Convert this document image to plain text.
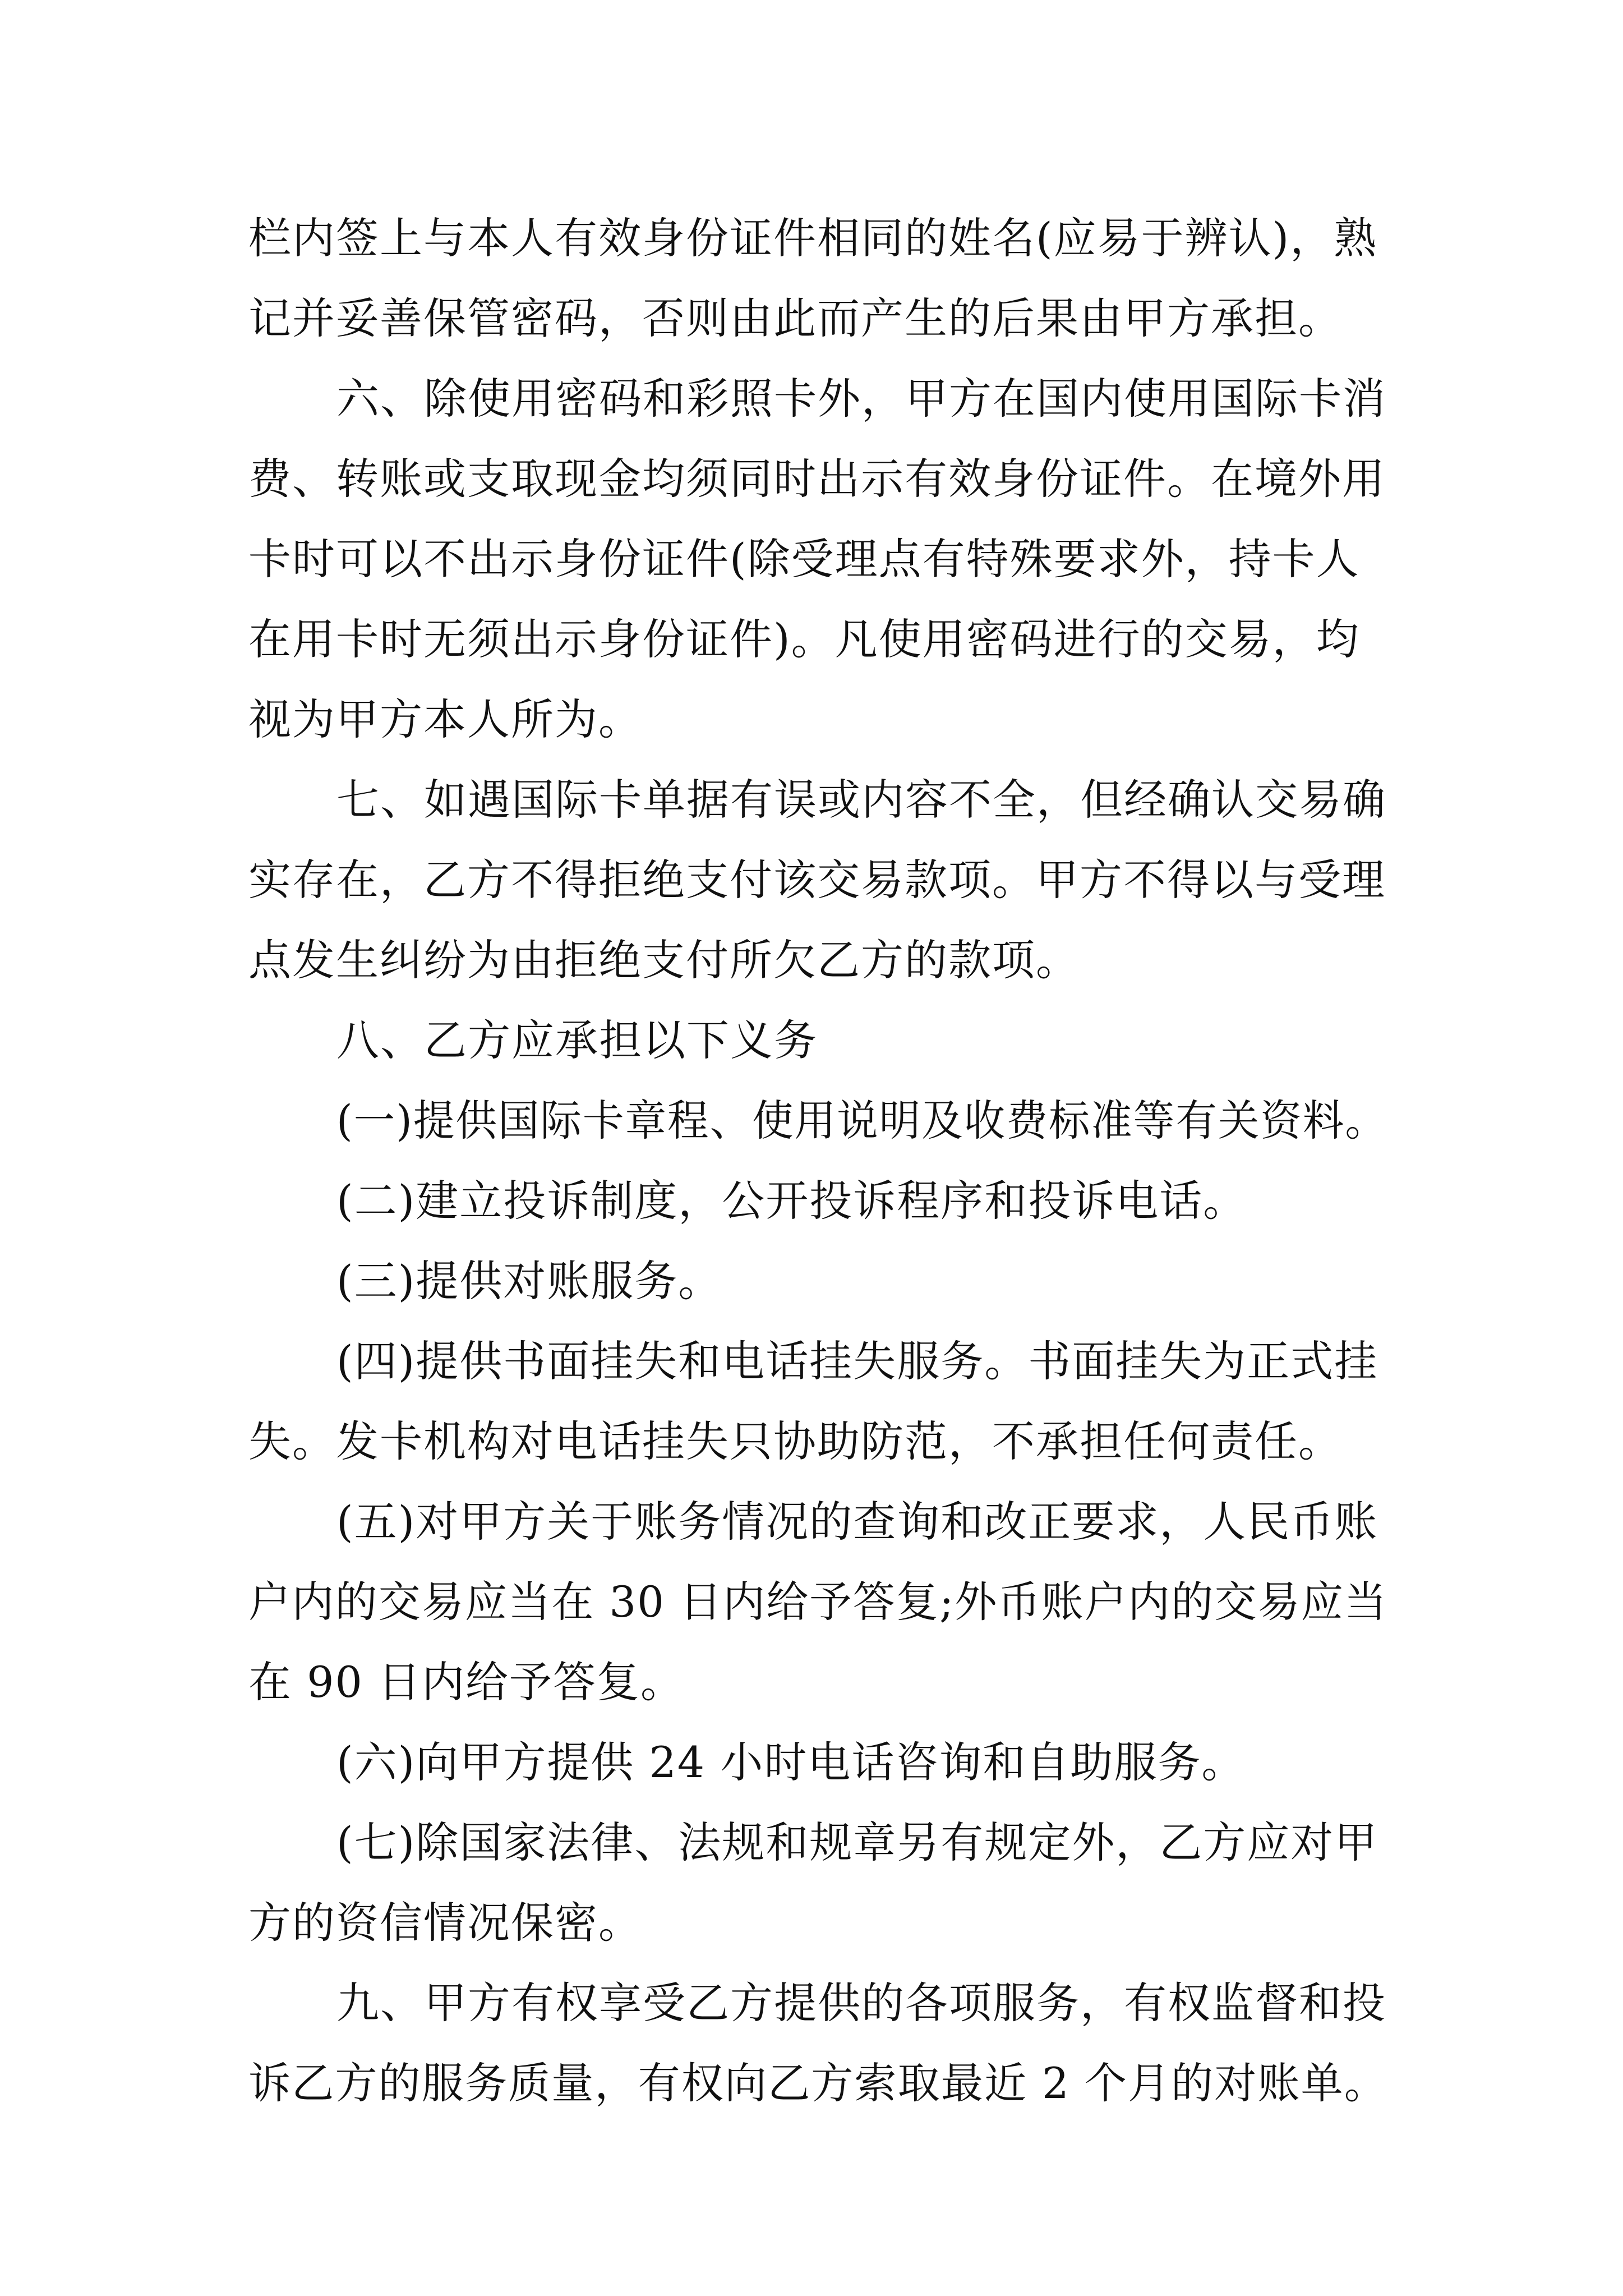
栏内签上与本人有效身份证件相同的姓名(应易于辨认)，熟
记并妥善保管密码，否则由此而产生的后果由甲方承担。
六、除使用密码和彩照卡外，甲方在国内使用国际卡消
费、转账或支取现金均须同时出示有效身份证件。在境外用
卡时可以不出示身份证件(除受理点有特殊要求外，持卡人
在用卡时无须出示身份证件)。凡使用密码进行的交易，均
视为甲方本人所为。
七、如遇国际卡单据有误或内容不全，但经确认交易确
实存在，乙方不得拒绝支付该交易款项。甲方不得以与受理
点发生纠纷为由拒绝支付所欠乙方的款项。
八、乙方应承担以下义务
(一)提供国际卡章程、使用说明及收费标准等有关资料。
(二)建立投诉制度，公开投诉程序和投诉电话。
(三)提供对账服务。
(四)提供书面挂失和电话挂失服务。书面挂失为正式挂
失。发卡机构对电话挂失只协助防范，不承担任何责任。
(五)对甲方关于账务情况的查询和改正要求，人民币账
户内的交易应当在 30 日内给予答复;外币账户内的交易应当
在 90 日内给予答复。
(六)向甲方提供 24 小时电话咨询和自助服务。
(七)除国家法律、法规和规章另有规定外，乙方应对甲
方的资信情况保密。
九、甲方有权享受乙方提供的各项服务，有权监督和投
诉乙方的服务质量，有权向乙方索取最近 2 个月的对账单。
